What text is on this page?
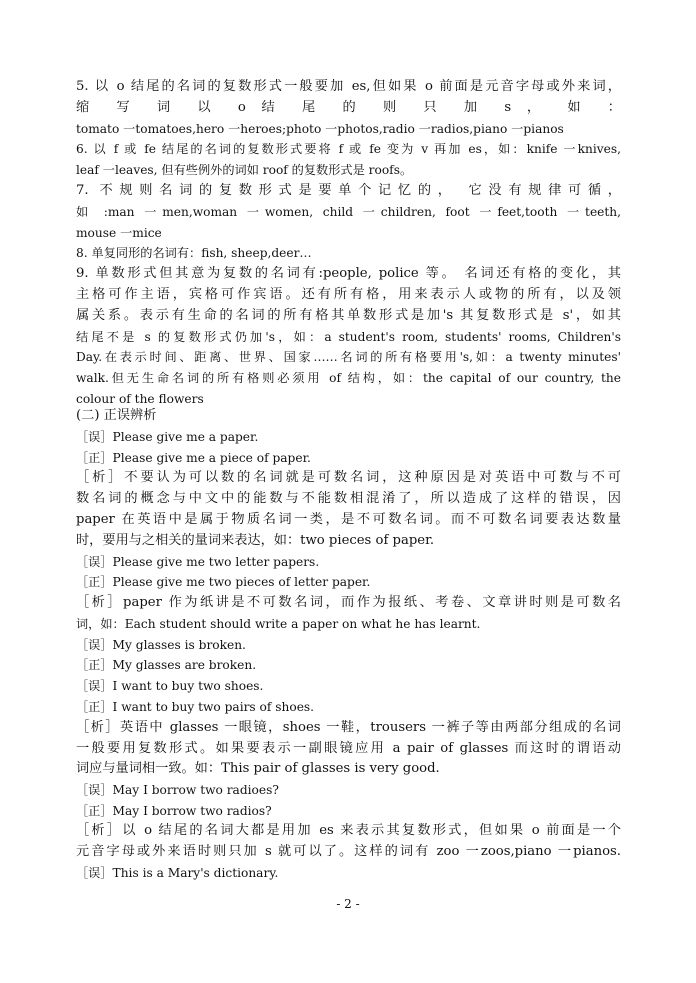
5. 以 o 结尾的名词的复数形式一般要加 es,但如果 o 前面是元音字母或外来词，
缩 写 词 以 o 结 尾 的 则 只 加 s ， 如 ：
tomato 一tomatoes,hero 一heroes;photo 一photos,radio 一radios,piano 一pianos
6. 以 f 或 fe 结尾的名词的复数形式要将 f 或 fe 变为 v 再加 es，如：knife 一knives,
leaf 一leaves, 但有些例外的词如 roof 的复数形式是 roofs。
7. 不规则名词的复数形式是要单个记忆的， 它没有规律可循，
如 :man 一men,woman 一women, child 一children, foot 一feet,tooth 一teeth,
mouse 一mice
8. 单复同形的名词有：fish, sheep,deer…
9. 单数形式但其意为复数的名词有:people, police 等。 名词还有格的变化，其
主格可作主语，宾格可作宾语。还有所有格，用来表示人或物的所有，以及领
属关系。表示有生命的名词的所有格其单数形式是加's 其复数形式是 s'，如其
结尾不是 s 的复数形式仍加's，如：a student's room, students' rooms, Children's
Day.在表示时间、距离、世界、国家……名词的所有格要用's,如：a twenty minutes'
walk.但无生命名词的所有格则必须用 of 结构，如：the capital of our country, the
colour of the flowers
(二) 正误辨析
［误］Please give me a paper.
［正］Please give me a piece of paper.
［析］不要认为可以数的名词就是可数名词，这种原因是对英语中可数与不可
数名词的概念与中文中的能数与不能数相混淆了，所以造成了这样的错误，因
paper 在英语中是属于物质名词一类，是不可数名词。而不可数名词要表达数量
时，要用与之相关的量词来表达，如：two pieces of paper.
［误］Please give me two letter papers.
［正］Please give me two pieces of letter paper.
［析］paper 作为纸讲是不可数名词，而作为报纸、考卷、文章讲时则是可数名
词，如：Each student should write a paper on what he has learnt.
［误］My glasses is broken.
［正］My glasses are broken.
［误］I want to buy two shoes.
［正］I want to buy two pairs of shoes.
［析］英语中 glasses 一眼镜，shoes 一鞋，trousers 一裤子等由两部分组成的名词
一般要用复数形式。如果要表示一副眼镜应用 a pair of glasses 而这时的谓语动
词应与量词相一致。如：This pair of glasses is very good.
［误］May I borrow two radioes?
［正］May I borrow two radios?
［析］以 o 结尾的名词大都是用加 es 来表示其复数形式，但如果 o 前面是一个
元音字母或外来语时则只加 s 就可以了。这样的词有 zoo 一zoos,piano 一pianos.
［误］This is a Mary's dictionary.
- 2 -
